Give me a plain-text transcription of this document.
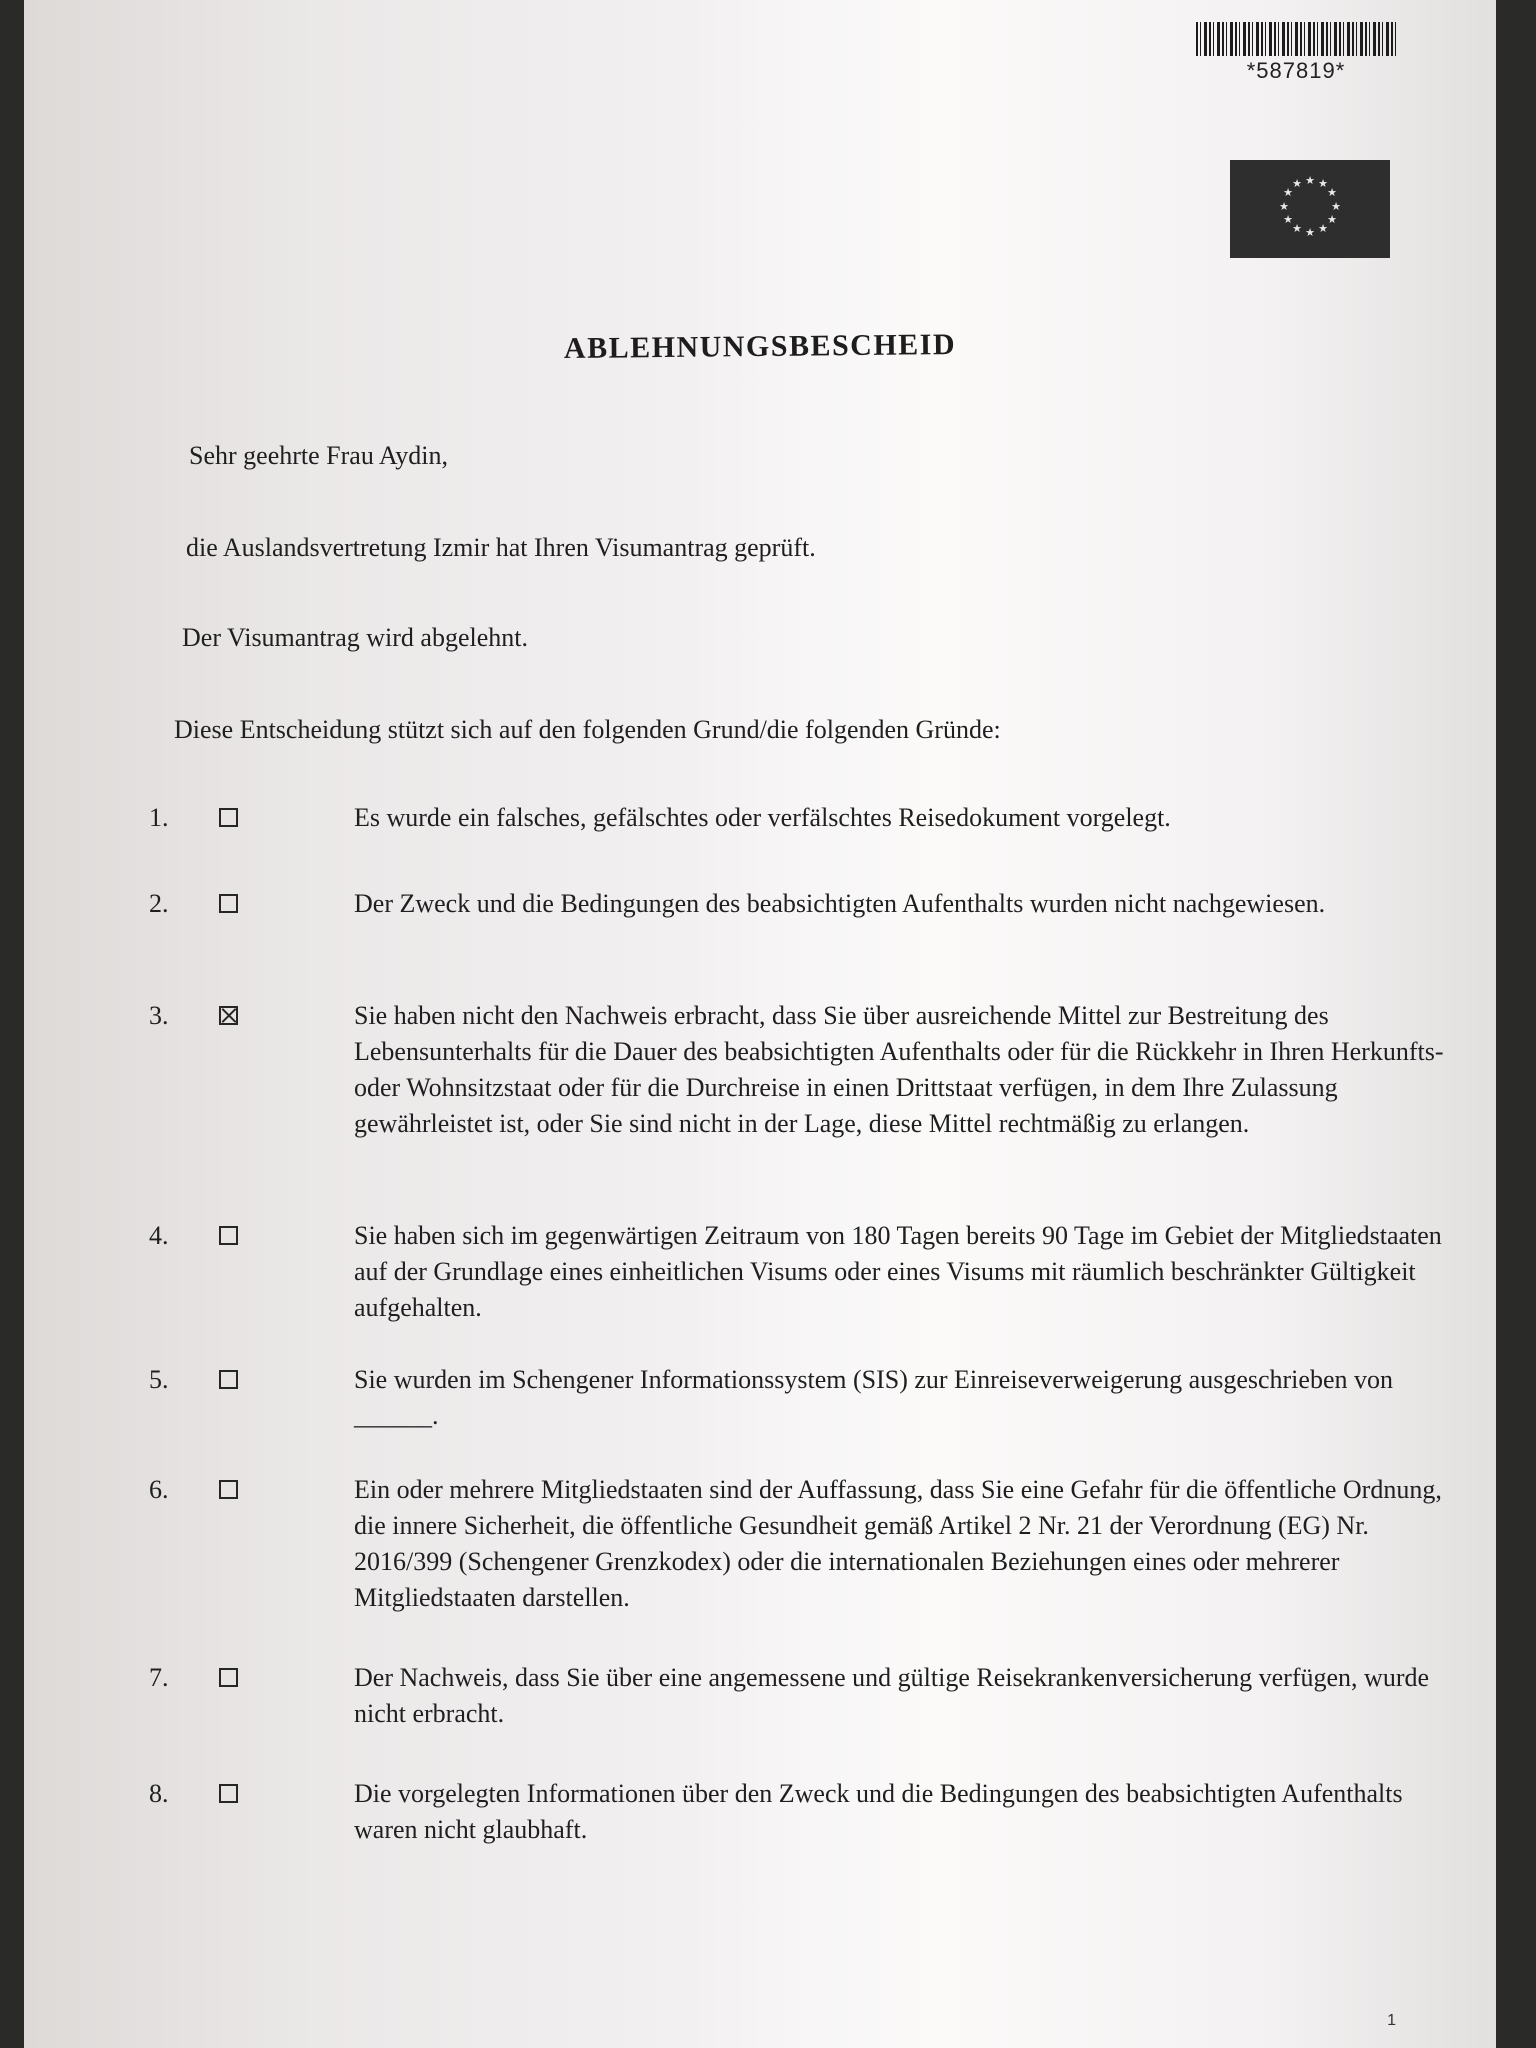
*587819*
★ ★
★
★
★
★
★
★
★
★
★
★
ABLEHNUNGSBESCHEID
Sehr geehrte Frau Aydin,
die Auslandsvertretung Izmir hat Ihren Visumantrag geprüft.
Der Visumantrag wird abgelehnt.
Diese Entscheidung stützt sich auf den folgenden Grund/die folgenden Gründe:
1.	Es wurde ein falsches, gefälschtes oder verfälschtes Reisedokument vorgelegt.
2.	Der Zweck und die Bedingungen des beabsichtigten Aufenthalts wurden nicht nachgewiesen.
3.	Sie haben nicht den Nachweis erbracht, dass Sie über ausreichende Mittel zur Bestreitung des Lebensunterhalts für die Dauer des beabsichtigten Aufenthalts oder für die Rückkehr in Ihren Herkunfts- oder Wohnsitzstaat oder für die Durchreise in einen Drittstaat verfügen, in dem Ihre Zulassung gewährleistet ist, oder Sie sind nicht in der Lage, diese Mittel rechtmäßig zu erlangen.
4.	Sie haben sich im gegenwärtigen Zeitraum von 180 Tagen bereits 90 Tage im Gebiet der Mitgliedstaaten auf der Grundlage eines einheitlichen Visums oder eines Visums mit räumlich beschränkter Gültigkeit aufgehalten.
5.	Sie wurden im Schengener Informationssystem (SIS) zur Einreiseverweigerung ausgeschrieben von ______.
6.	Ein oder mehrere Mitgliedstaaten sind der Auffassung, dass Sie eine Gefahr für die öffentliche Ordnung, die innere Sicherheit, die öffentliche Gesundheit gemäß Artikel 2 Nr. 21 der Verordnung (EG) Nr. 2016/399 (Schengener Grenzkodex) oder die internationalen Beziehungen eines oder mehrerer Mitgliedstaaten darstellen.
7.	Der Nachweis, dass Sie über eine angemessene und gültige Reisekrankenversicherung verfügen, wurde nicht erbracht.
8.	Die vorgelegten Informationen über den Zweck und die Bedingungen des beabsichtigten Aufenthalts waren nicht glaubhaft.
1
